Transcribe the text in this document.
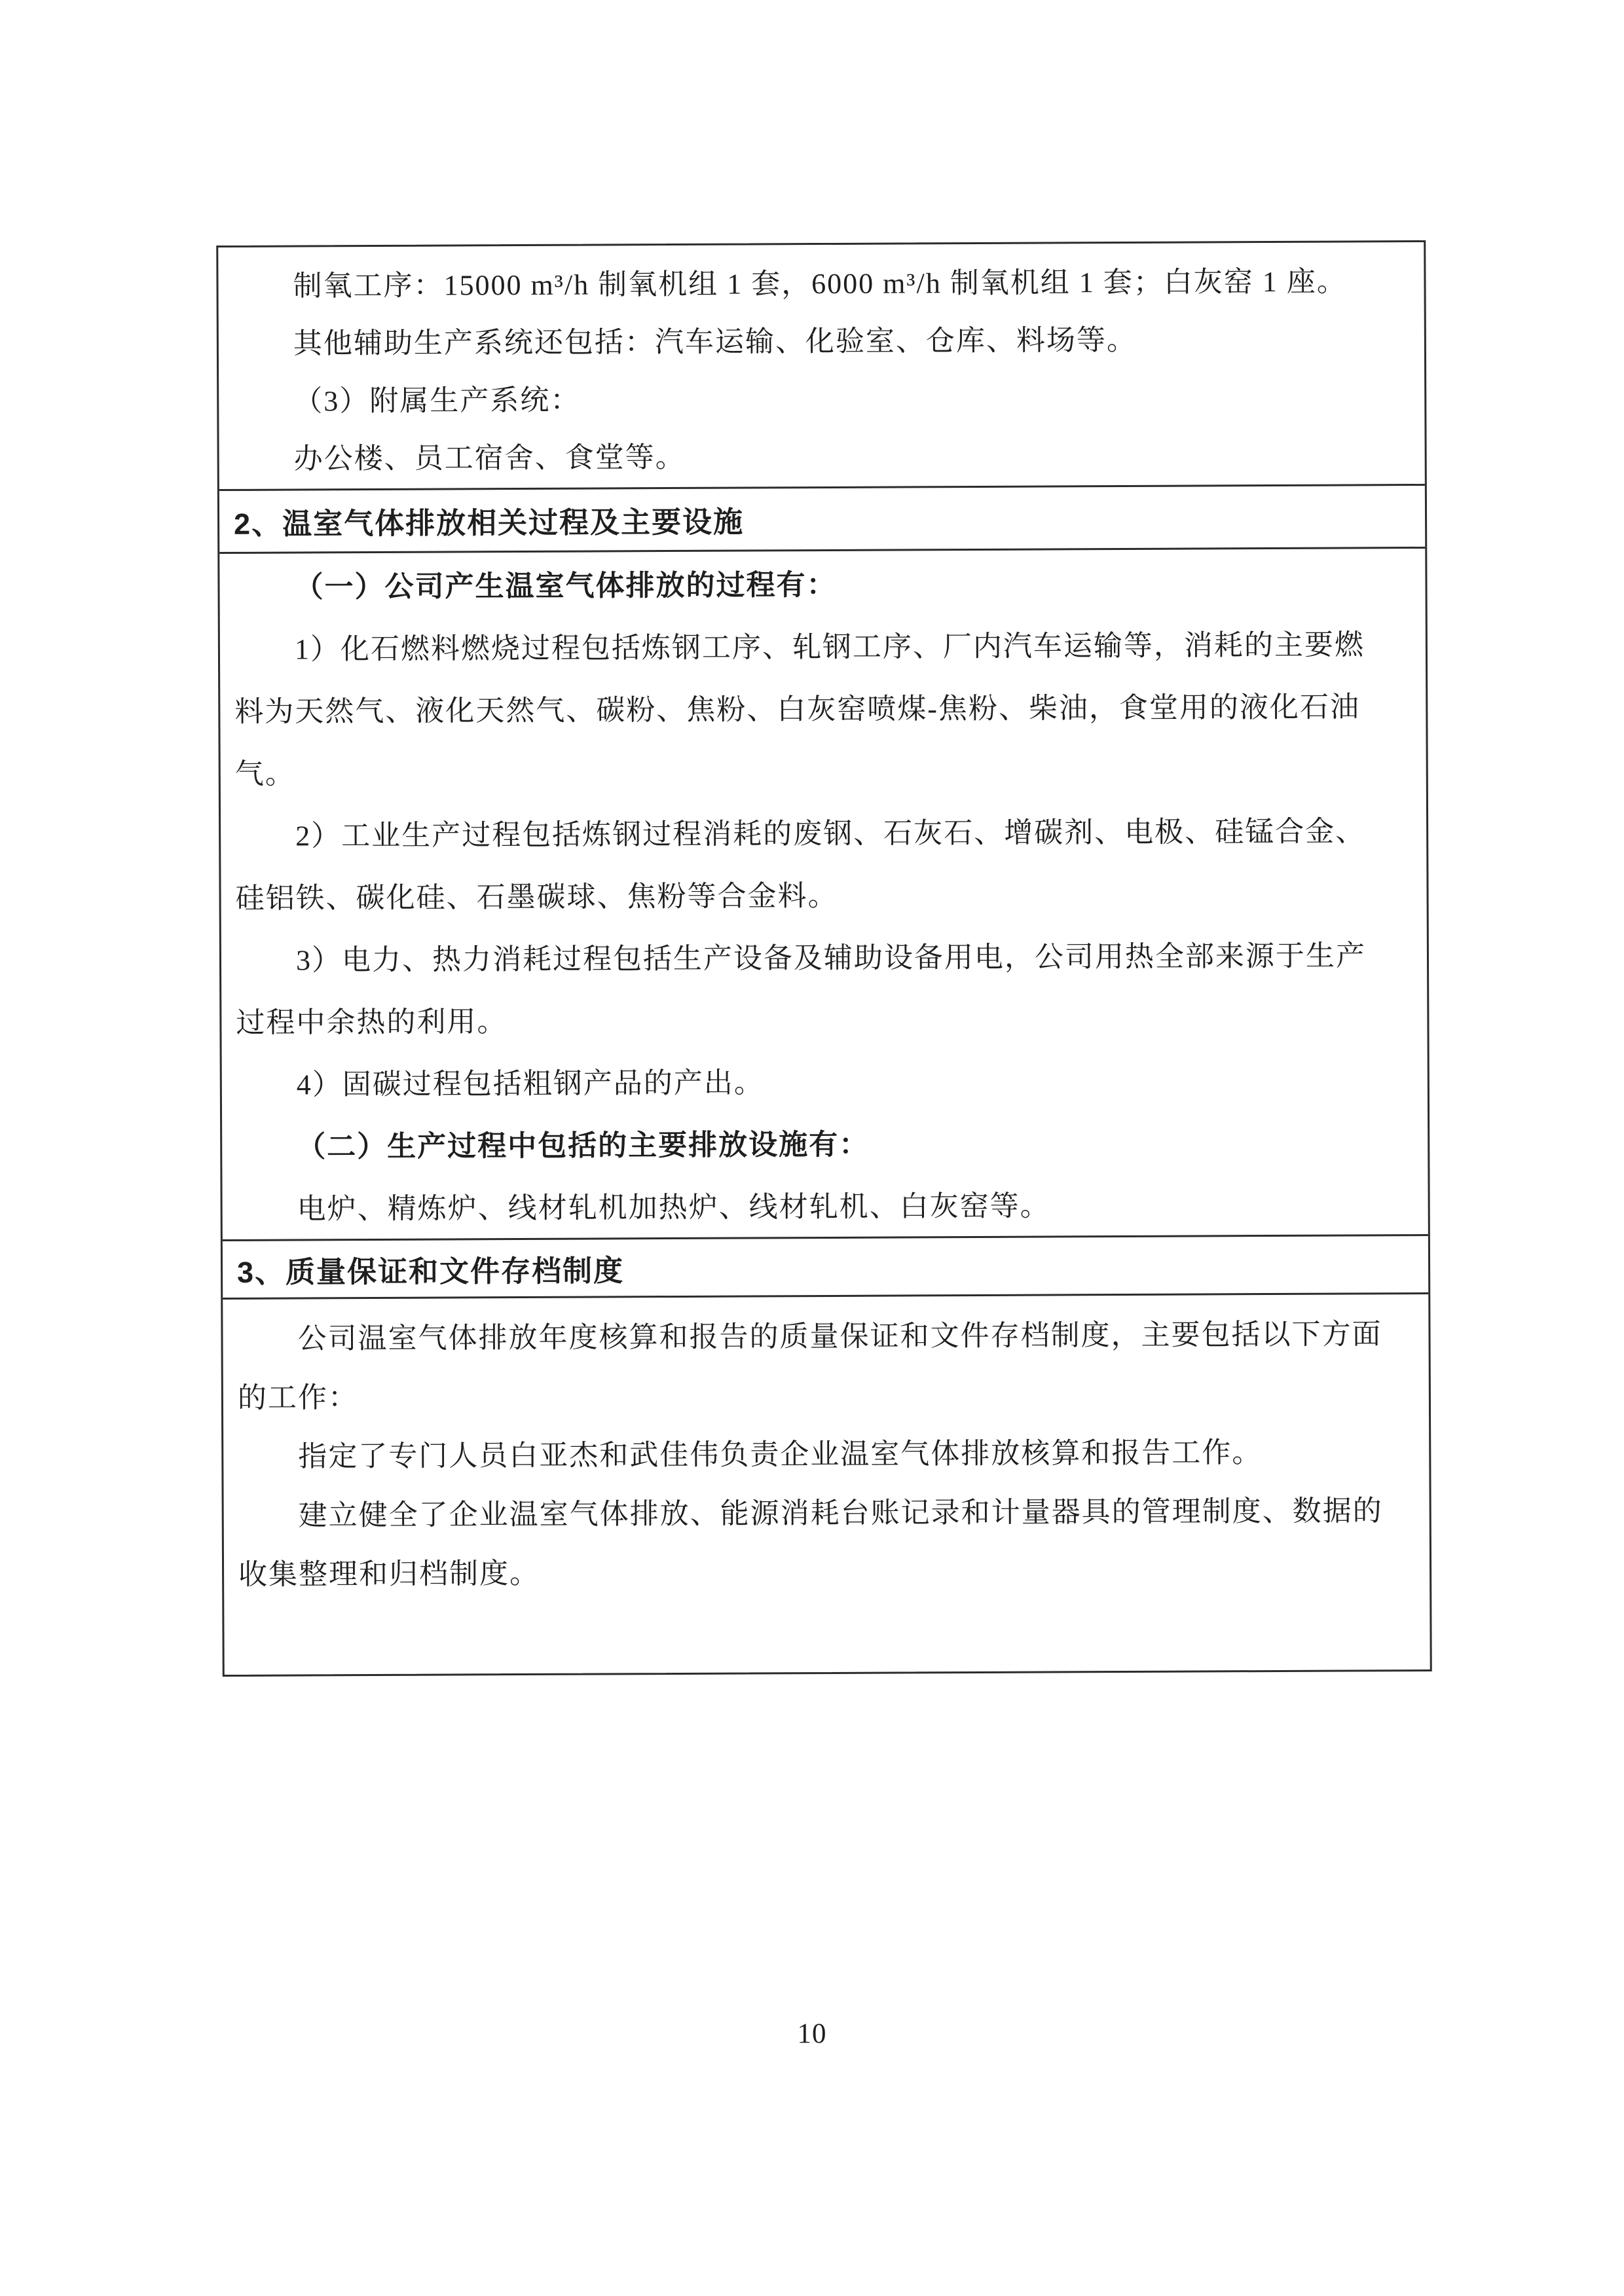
制氧工序：15000 m³/h 制氧机组 1 套，6000 m³/h 制氧机组 1 套；白灰窑 1 座。

其他辅助生产系统还包括：汽车运输、化验室、仓库、料场等。

（3）附属生产系统：

办公楼、员工宿舍、食堂等。

2、温室气体排放相关过程及主要设施

（一）公司产生温室气体排放的过程有：

1）化石燃料燃烧过程包括炼钢工序、轧钢工序、厂内汽车运输等，消耗的主要燃

料为天然气、液化天然气、碳粉、焦粉、白灰窑喷煤-焦粉、柴油，食堂用的液化石油

气。

2）工业生产过程包括炼钢过程消耗的废钢、石灰石、增碳剂、电极、硅锰合金、

硅铝铁、碳化硅、石墨碳球、焦粉等合金料。

3）电力、热力消耗过程包括生产设备及辅助设备用电，公司用热全部来源于生产

过程中余热的利用。

4）固碳过程包括粗钢产品的产出。

（二）生产过程中包括的主要排放设施有：

电炉、精炼炉、线材轧机加热炉、线材轧机、白灰窑等。

3、质量保证和文件存档制度

公司温室气体排放年度核算和报告的质量保证和文件存档制度，主要包括以下方面

的工作：

指定了专门人员白亚杰和武佳伟负责企业温室气体排放核算和报告工作。

建立健全了企业温室气体排放、能源消耗台账记录和计量器具的管理制度、数据的

收集整理和归档制度。

10
